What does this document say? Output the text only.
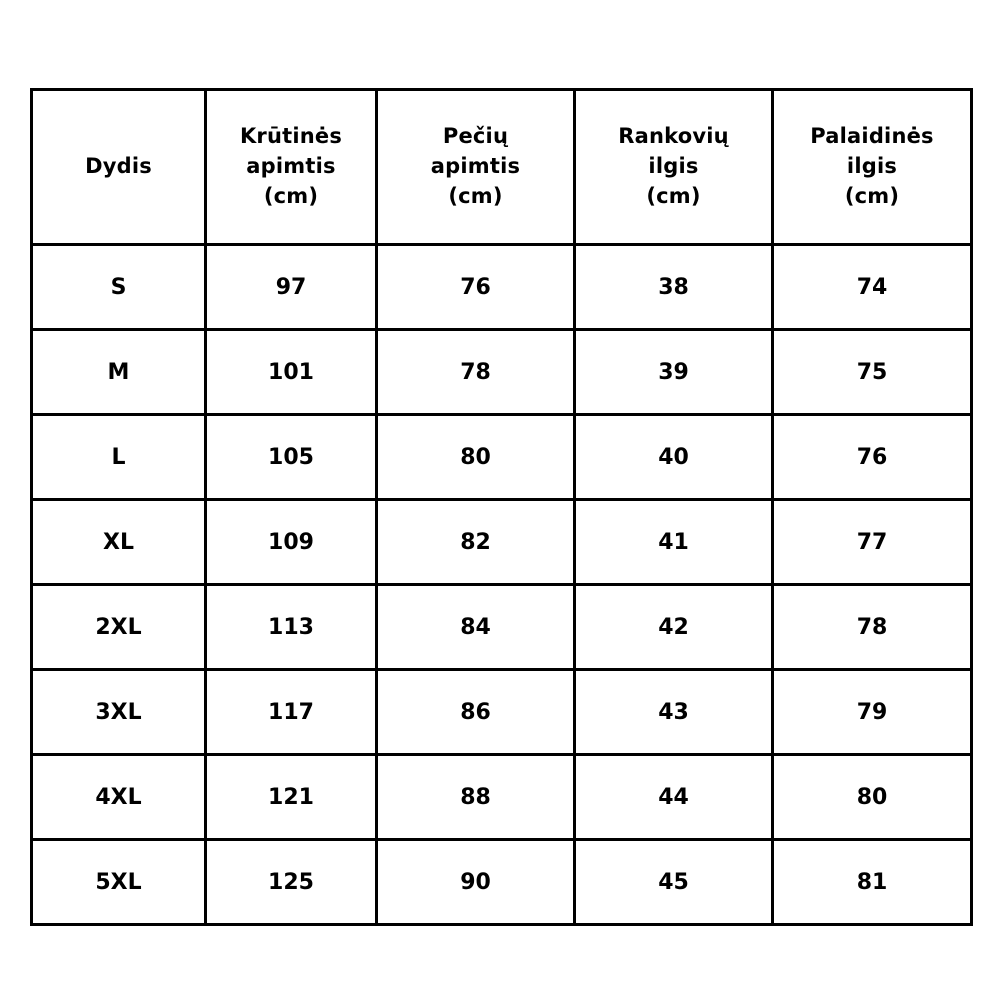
Dydis	Krūtinės
apimtis
(cm)	Pečių
apimtis
(cm)	Rankovių
ilgis
(cm)	Palaidinės
ilgis
(cm)

S	97	76	38	74
M	101	78	39	75
L	105	80	40	76
XL	109	82	41	77
2XL	113	84	42	78
3XL	117	86	43	79
4XL	121	88	44	80
5XL	125	90	45	81
